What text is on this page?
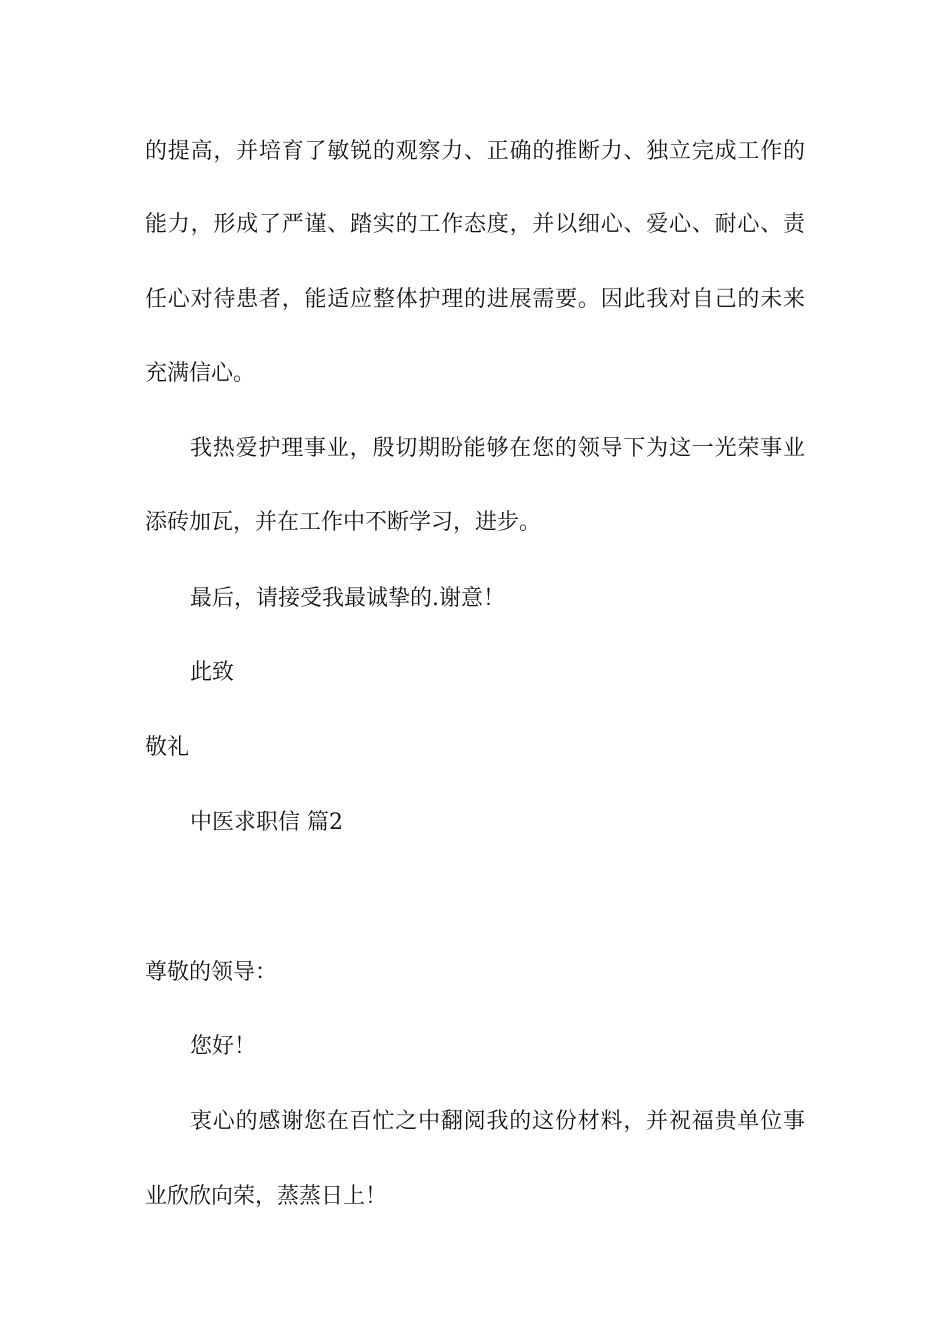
的提高，并培育了敏锐的观察力、正确的推断力、独立完成工作的
能力，形成了严谨、踏实的工作态度，并以细心、爱心、耐心、责
任心对待患者，能适应整体护理的进展需要。因此我对自己的未来
充满信心。
我热爱护理事业，殷切期盼能够在您的领导下为这一光荣事业
添砖加瓦，并在工作中不断学习，进步。
最后，请接受我最诚挚的.谢意！
此致
敬礼
中医求职信 篇2
尊敬的领导：
您好！
衷心的感谢您在百忙之中翻阅我的这份材料，并祝福贵单位事
业欣欣向荣，蒸蒸日上！
